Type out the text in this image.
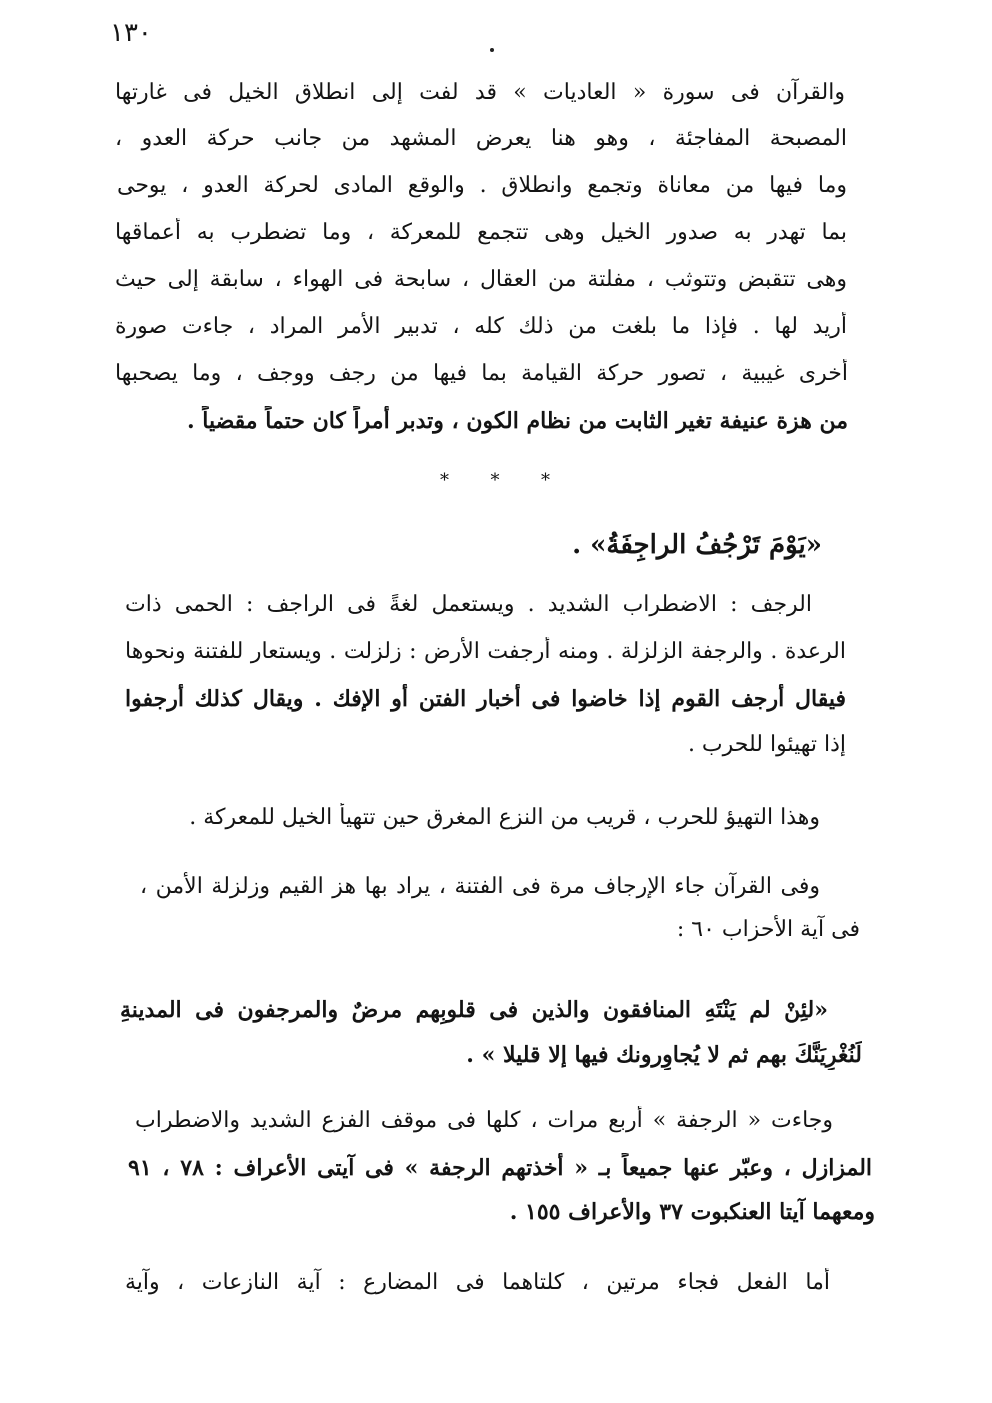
١٣٠
والقرآن فى سورة « العاديات » قد لفت إلى انطلاق الخيل فى غارتها
المصبحة المفاجئة ، وهو هنا يعرض المشهد من جانب حركة العدو ،
وما فيها من معاناة وتجمع وانطلاق . والوقع المادى لحركة العدو ، يوحى
بما تهدر به صدور الخيل وهى تتجمع للمعركة ، وما تضطرب به أعماقها
وهى تتقبض وتتوثب ، مفلتة من العقال ، سابحة فى الهواء ، سابقة إلى حيث
أريد لها . فإذا ما بلغت من ذلك كله ، تدبير الأمر المراد ، جاءت صورة
أخرى غيبية ، تصور حركة القيامة بما فيها من رجف ووجف ، وما يصحبها
من هزة عنيفة تغير الثابت من نظام الكون ، وتدبر أمراً كان حتماً مقضياً .
* * *
«يَوْمَ تَرْجُفُ الراجِفَةُ» .
الرجف : الاضطراب الشديد . ويستعمل لغةً فى الراجف : الحمى ذات
الرعدة . والرجفة الزلزلة . ومنه أرجفت الأرض : زلزلت . ويستعار للفتنة ونحوها
فيقال أرجف القوم إذا خاضوا فى أخبار الفتن أو الإفك . ويقال كذلك أرجفوا
إذا تهيئوا للحرب .
وهذا التهيؤ للحرب ، قريب من النزع المغرق حين تتهيأ الخيل للمعركة .
وفى القرآن جاء الإرجاف مرة فى الفتنة ، يراد بها هز القيم وزلزلة الأمن ،
فى آية الأحزاب ٦٠ :
«لئِنْ لم يَنْتَهِ المنافقون والذين فى قلوبِهم مرضٌ والمرجفون فى المدينةِ
لَنُغْرِيَنَّكَ بهم ثم لا يُجاوِرونك فيها إلا قليلا » .
وجاءت « الرجفة » أربع مرات ، كلها فى موقف الفزع الشديد والاضطراب
المزازل ، وعبّر عنها جميعاً بـ « أخذتهم الرجفة » فى آيتى الأعراف : ٧٨ ، ٩١
ومعهما آيتا العنكبوت ٣٧ والأعراف ١٥٥ .
أما الفعل فجاء مرتين ، كلتاهما فى المضارع : آية النازعات ، وآية
